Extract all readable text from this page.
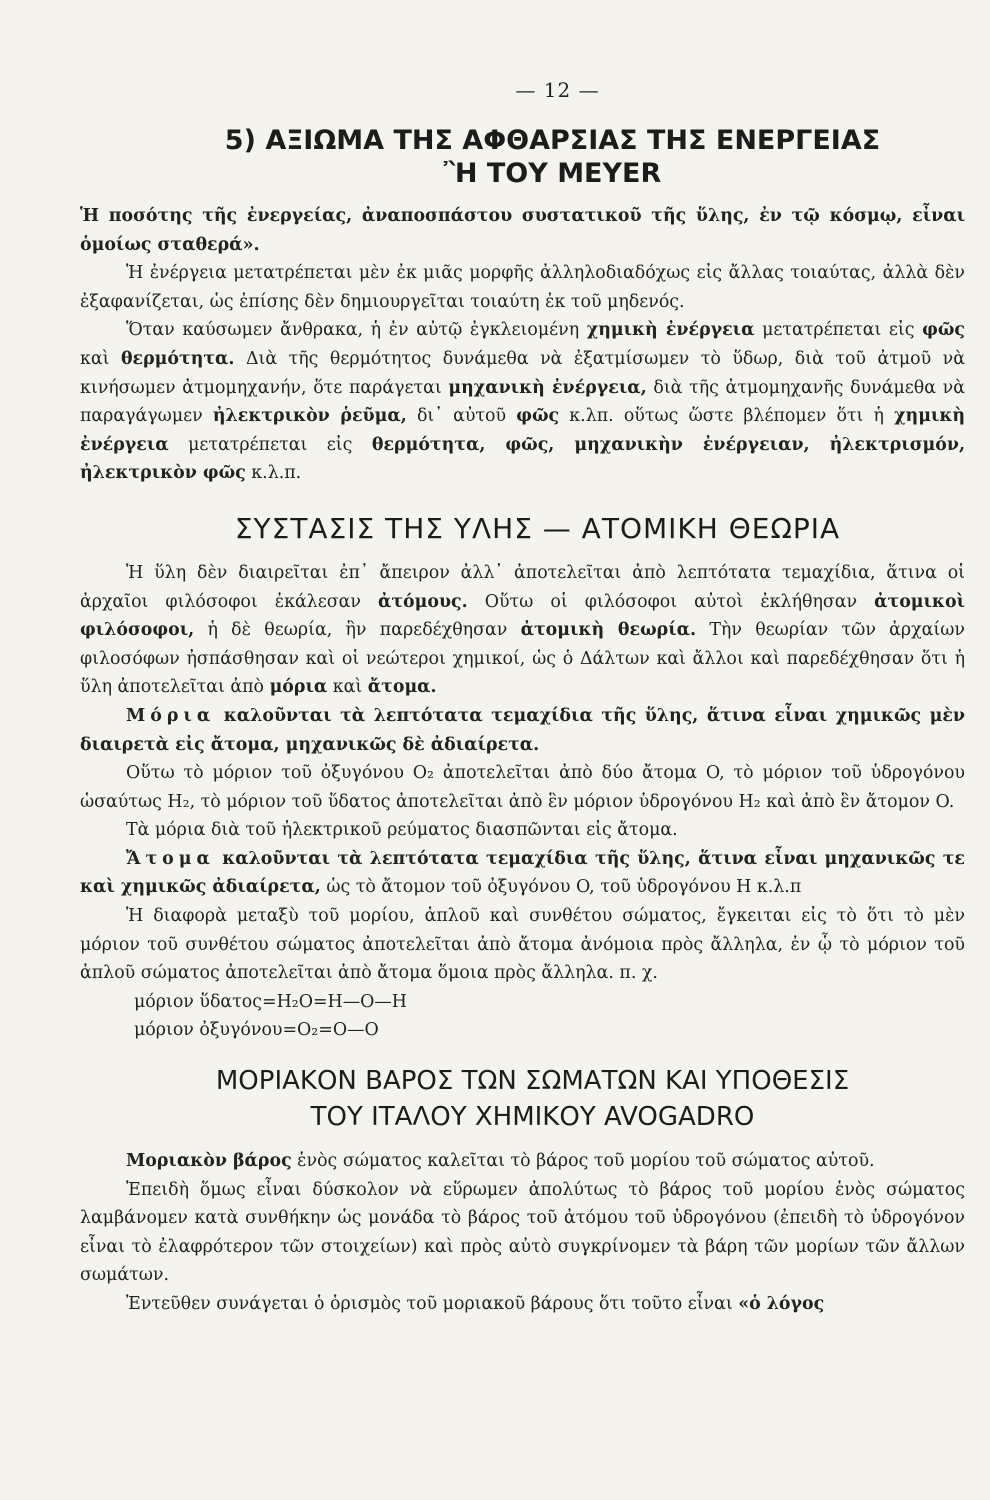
— 12 —
5) ΑΞΙΩΜΑ ΤΗΣ ΑΦΘΑΡΣΙΑΣ ΤΗΣ ΕΝΕΡΓΕΙΑΣ
Ἢ ΤΟΥ MEYER

Ἡ ποσότης τῆς ἐνεργείας, ἀναποσπάστου συστατικοῦ τῆς ὕλης, ἐν τῷ κόσμῳ, εἶναι ὁμοίως σταθερά».

Ἡ ἐνέργεια μετατρέπεται μὲν ἐκ μιᾶς μορφῆς ἀλληλοδιαδόχως εἰς ἄλλας τοιαύτας, ἀλλὰ δὲν ἐξαφανίζεται, ὡς ἐπίσης δὲν δημιουργεῖται τοιαύτη ἐκ τοῦ μηδενός.

Ὅταν καύσωμεν ἄνθρακα, ἡ ἐν αὐτῷ ἐγκλειομένη χημικὴ ἐνέργεια μετατρέπεται εἰς φῶς καὶ θερμότητα. Διὰ τῆς θερμότητος δυνάμεθα νὰ ἐξατμίσωμεν τὸ ὕδωρ, διὰ τοῦ ἀτμοῦ νὰ κινήσωμεν ἀτμομηχανήν, ὅτε παράγεται μηχανικὴ ἐνέργεια, διὰ τῆς ἀτμομηχανῆς δυνάμεθα νὰ παραγάγωμεν ἠλεκτρικὸν ῥεῦμα, δι᾽ αὐτοῦ φῶς κ.λπ. οὕτως ὥστε βλέπομεν ὅτι ἡ χημικὴ ἐνέργεια μετατρέπεται εἰς θερμότητα, φῶς, μηχανικὴν ἐνέργειαν, ἠλεκτρισμόν, ἠλεκτρικὸν φῶς κ.λ.π.

ΣΥΣΤΑΣΙΣ ΤΗΣ ΥΛΗΣ — ΑΤΟΜΙΚΗ ΘΕΩΡΙΑ

Ἡ ὕλη δὲν διαιρεῖται ἐπ᾽ ἄπειρον ἀλλ᾽ ἀποτελεῖται ἀπὸ λεπτότατα τεμαχίδια, ἅτινα οἱ ἀρχαῖοι φιλόσοφοι ἐκάλεσαν ἀτόμους. Οὕτω οἱ φιλόσοφοι αὐτοὶ ἐκλήθησαν ἀτομικοὶ φιλόσοφοι, ἡ δὲ θεωρία, ἣν παρεδέχθησαν ἀτομικὴ θεωρία. Τὴν θεωρίαν τῶν ἀρχαίων φιλοσόφων ἠσπάσθησαν καὶ οἱ νεώτεροι χημικοί, ὡς ὁ Δάλτων καὶ ἄλλοι καὶ παρεδέχθησαν ὅτι ἡ ὕλη ἀποτελεῖται ἀπὸ μόρια καὶ ἄτομα.

Μόρια καλοῦνται τὰ λεπτότατα τεμαχίδια τῆς ὕλης, ἅτινα εἶναι χημικῶς μὲν διαιρετὰ εἰς ἄτομα, μηχανικῶς δὲ ἀδιαίρετα.

Οὕτω τὸ μόριον τοῦ ὀξυγόνου O₂ ἀποτελεῖται ἀπὸ δύο ἄτομα O, τὸ μόριον τοῦ ὑδρογόνου ὡσαύτως H₂, τὸ μόριον τοῦ ὕδατος ἀποτελεῖται ἀπὸ ἓν μόριον ὑδρογόνου H₂ καὶ ἀπὸ ἓν ἄτομον O.

Τὰ μόρια διὰ τοῦ ἠλεκτρικοῦ ρεύματος διασπῶνται εἰς ἄτομα.

Ἄτομα καλοῦνται τὰ λεπτότατα τεμαχίδια τῆς ὕλης, ἅτινα εἶναι μηχανικῶς τε καὶ χημικῶς ἀδιαίρετα, ὡς τὸ ἄτομον τοῦ ὀξυγόνου O, τοῦ ὑδρογόνου H κ.λ.π

Ἡ διαφορὰ μεταξὺ τοῦ μορίου, ἁπλοῦ καὶ συνθέτου σώματος, ἔγκειται εἰς τὸ ὅτι τὸ μὲν μόριον τοῦ συνθέτου σώματος ἀποτελεῖται ἀπὸ ἄτομα ἀνόμοια πρὸς ἄλληλα, ἐν ᾧ τὸ μόριον τοῦ ἁπλοῦ σώματος ἀποτελεῖται ἀπὸ ἄτομα ὅμοια πρὸς ἄλληλα. π. χ.

μόριον ὕδατος=H₂O=H—O—H

μόριον ὀξυγόνου=O₂=O—O

ΜΟΡΙΑΚΟΝ ΒΑΡΟΣ ΤΩΝ ΣΩΜΑΤΩΝ ΚΑΙ ΥΠΟΘΕΣΙΣ
ΤΟΥ ΙΤΑΛΟΥ ΧΗΜΙΚΟΥ AVOGADRO

Μοριακὸν βάρος ἑνὸς σώματος καλεῖται τὸ βάρος τοῦ μορίου τοῦ σώματος αὐτοῦ.

Ἐπειδὴ ὅμως εἶναι δύσκολον νὰ εὕρωμεν ἀπολύτως τὸ βάρος τοῦ μορίου ἑνὸς σώματος λαμβάνομεν κατὰ συνθήκην ὡς μονάδα τὸ βάρος τοῦ ἀτόμου τοῦ ὑδρογόνου (ἐπειδὴ τὸ ὑδρογόνον εἶναι τὸ ἐλαφρότερον τῶν στοιχείων) καὶ πρὸς αὐτὸ συγκρίνομεν τὰ βάρη τῶν μορίων τῶν ἄλλων σωμάτων.

Ἐντεῦθεν συνάγεται ὁ ὁρισμὸς τοῦ μοριακοῦ βάρους ὅτι τοῦτο εἶναι «ὁ λόγος
